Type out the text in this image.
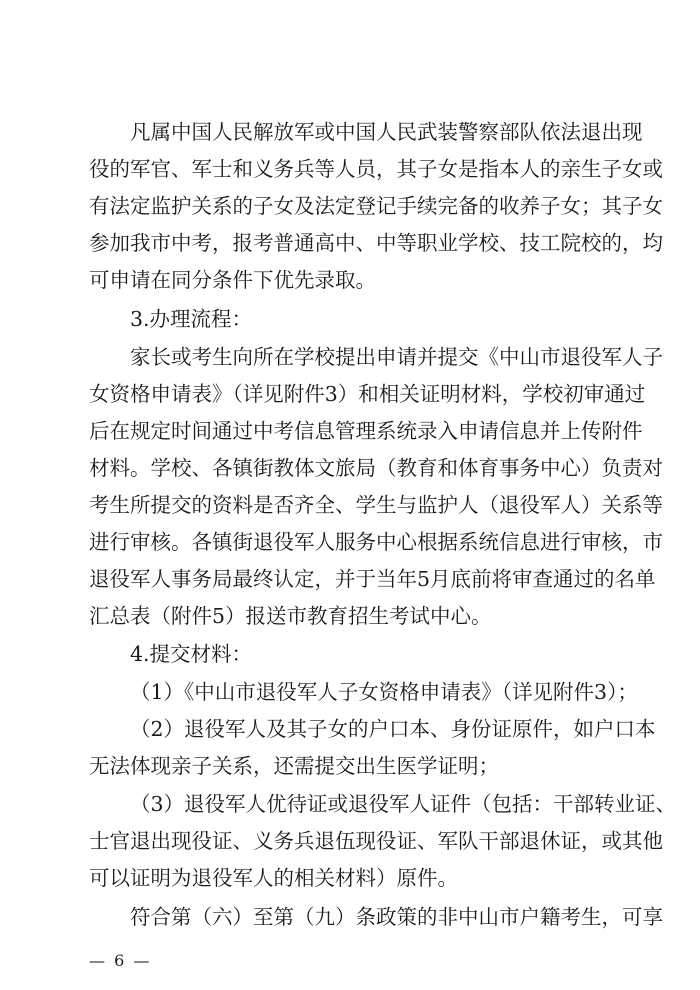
凡属中国人民解放军或中国人民武装警察部队依法退出现
役的军官、军士和义务兵等人员，其子女是指本人的亲生子女或
有法定监护关系的子女及法定登记手续完备的收养子女；其子女
参加我市中考，报考普通高中、中等职业学校、技工院校的，均
可申请在同分条件下优先录取。
3.办理流程：
家长或考生向所在学校提出申请并提交《中山市退役军人子
女资格申请表》（详见附件3）和相关证明材料，学校初审通过
后在规定时间通过中考信息管理系统录入申请信息并上传附件
材料。学校、各镇街教体文旅局（教育和体育事务中心）负责对
考生所提交的资料是否齐全、学生与监护人（退役军人）关系等
进行审核。各镇街退役军人服务中心根据系统信息进行审核，市
退役军人事务局最终认定，并于当年5月底前将审查通过的名单
汇总表（附件5）报送市教育招生考试中心。
4.提交材料：
（1）《中山市退役军人子女资格申请表》（详见附件3）；
（2）退役军人及其子女的户口本、身份证原件，如户口本
无法体现亲子关系，还需提交出生医学证明；
（3）退役军人优待证或退役军人证件（包括：干部转业证、
士官退出现役证、义务兵退伍现役证、军队干部退休证，或其他
可以证明为退役军人的相关材料）原件。
符合第（六）至第（九）条政策的非中山市户籍考生，可享
— 6 —
